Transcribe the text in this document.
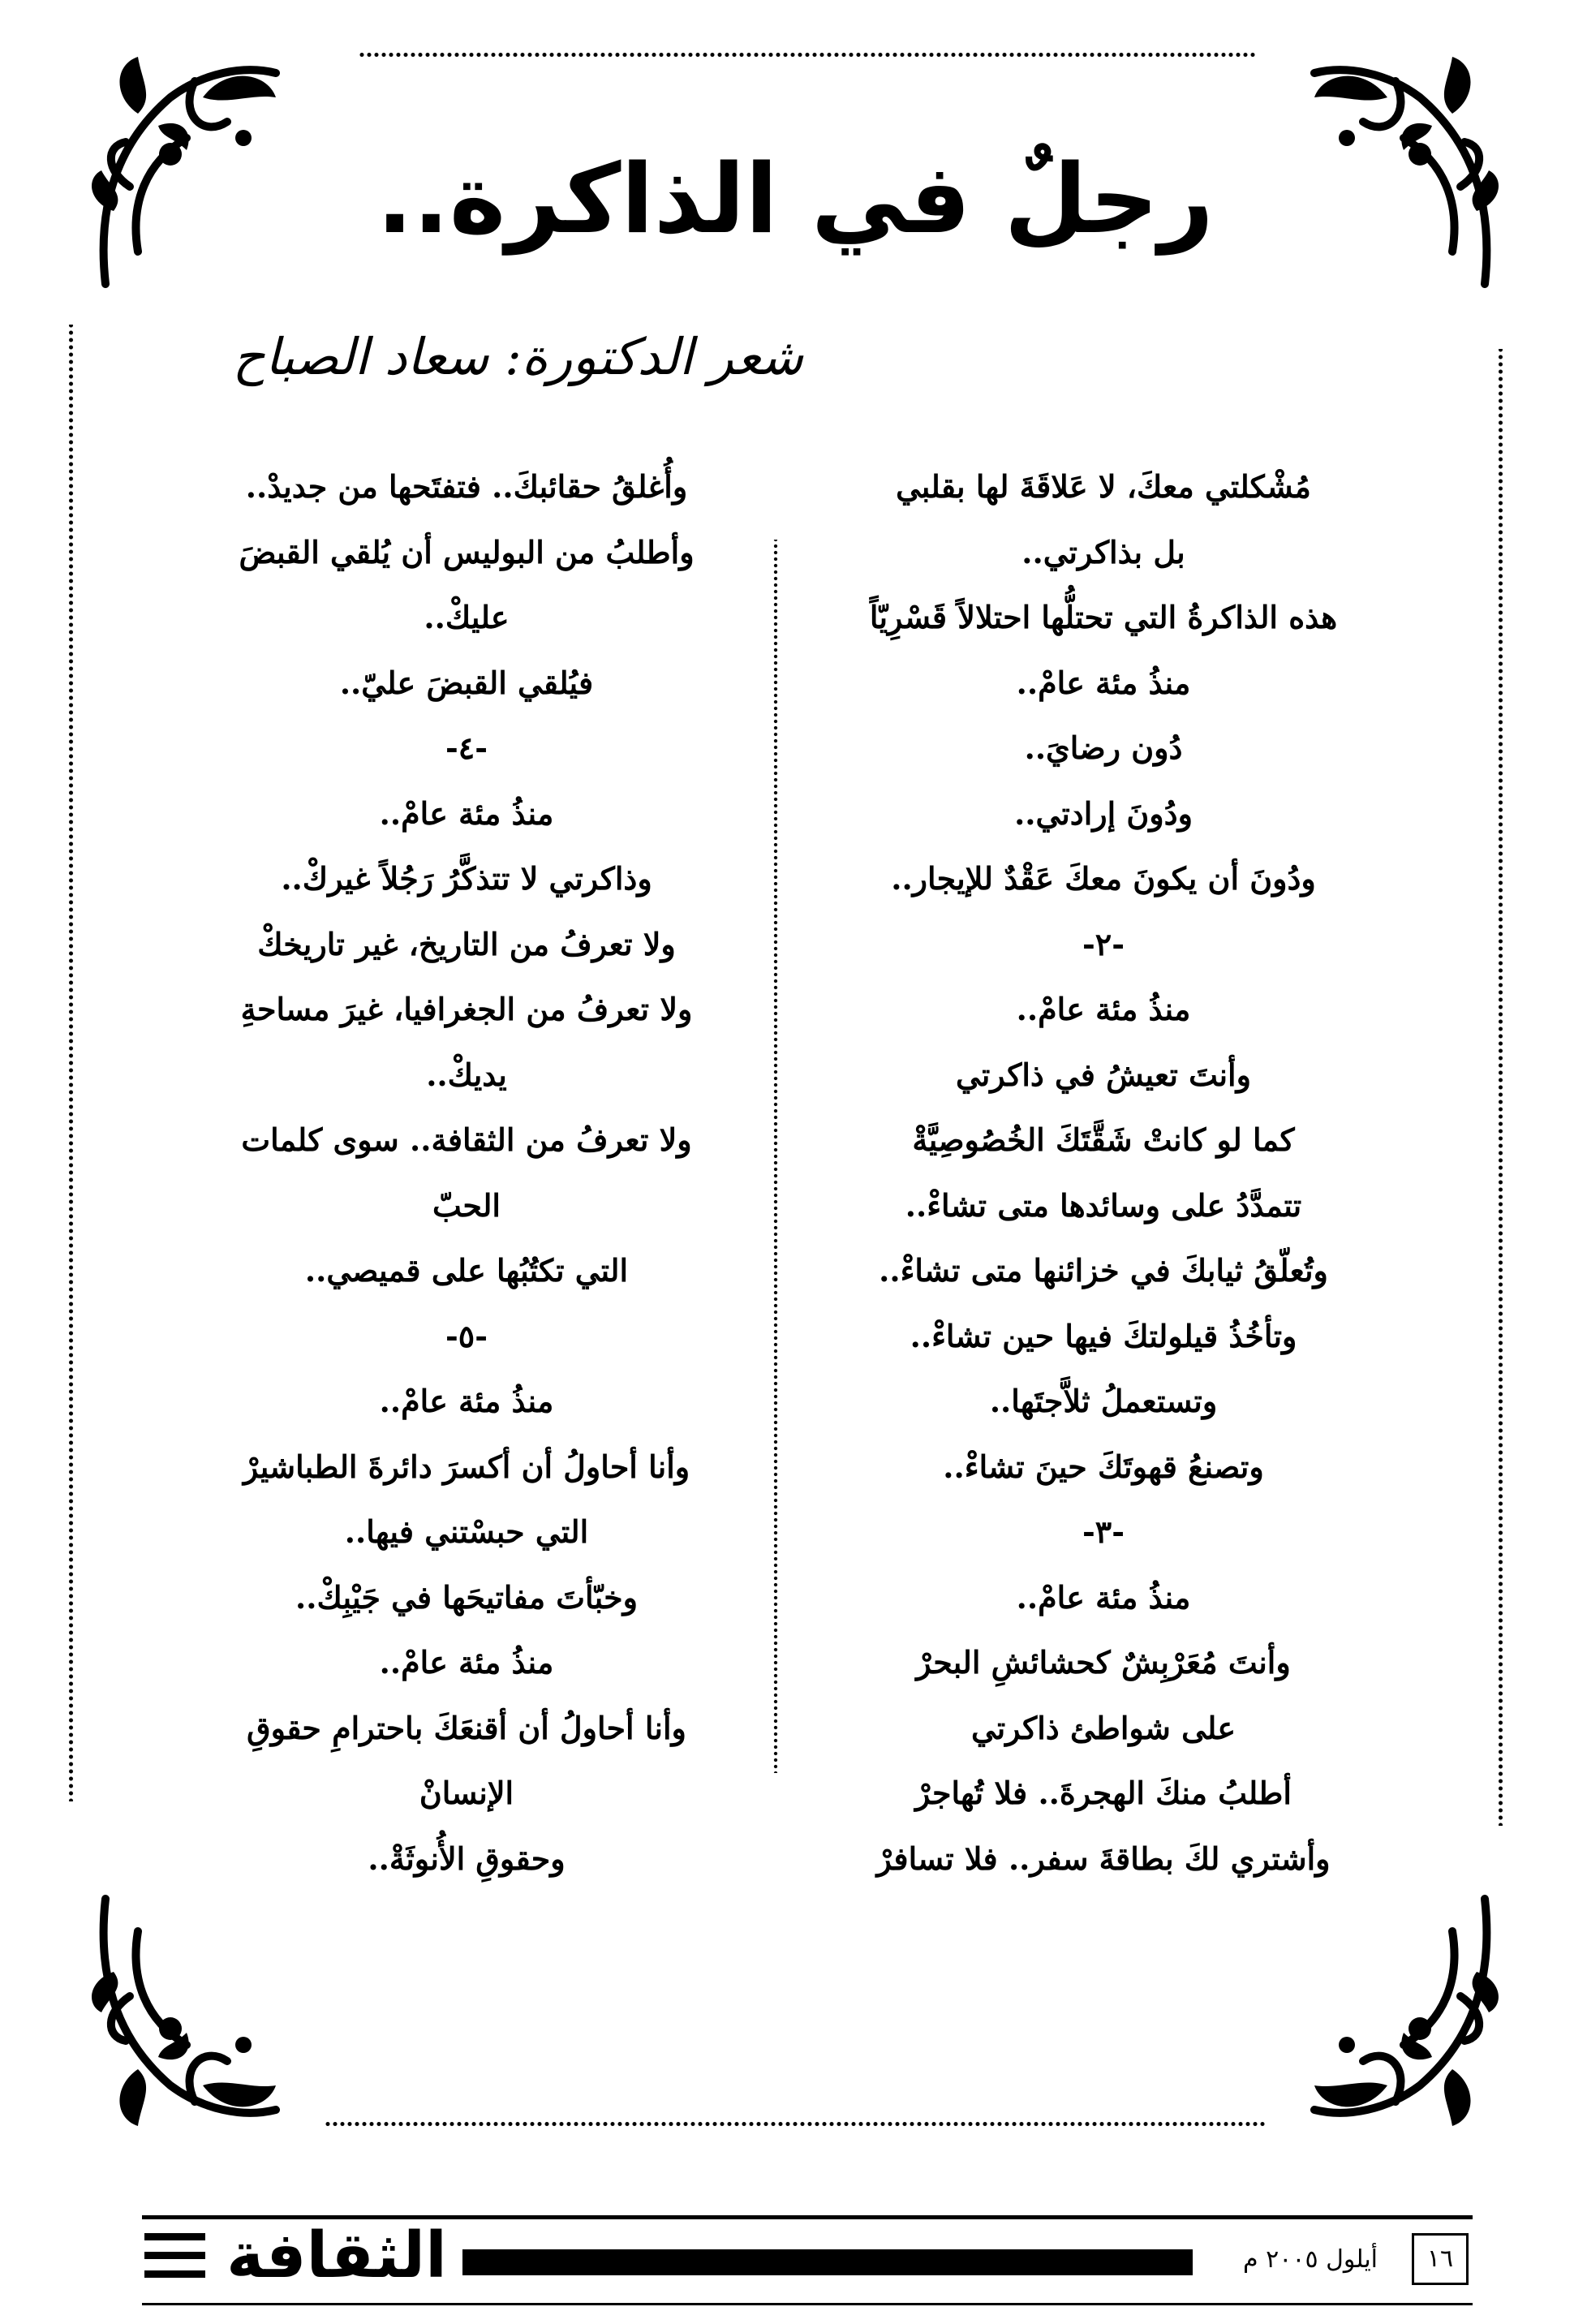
رجلٌ في الذاكرة..
شعر الدكتورة: سعاد الصباح
مُشْكلتي معكَ، لا عَلاقَةَ لها بقلبي
بل بذاكرتي..
هذه الذاكرةُ التي تحتلُّها احتلالاً قَسْرِيّاً
منذُ مئة عامْ..
دُون رضايَ..
ودُونَ إرادتي..
ودُونَ أن يكونَ معكَ عَقْدٌ للإيجار..
-٢-
منذُ مئة عامْ..
وأنتَ تعيشُ في ذاكرتي
كما لو كانتْ شَقَّتَكَ الخُصُوصِيَّةْ
تتمدَّدُ على وسائدها متى تشاءْ..
وتُعلّقُ ثيابكَ في خزائنها متى تشاءْ..
وتأخُذُ قيلولتكَ فيها حين تشاءْ..
وتستعملُ ثلاَّجتَها..
وتصنعُ قهوتَكَ حينَ تشاءْ..
-٣-
منذُ مئة عامْ..
وأنتَ مُعَرْبِشٌ كحشائشِ البحرْ
على شواطئ ذاكرتي
أطلبُ منكَ الهجرةَ.. فلا تُهاجرْ
وأشتري لكَ بطاقةَ سفر.. فلا تسافرْ
وأُغلقُ حقائبكَ.. فتفتَحها من جديدْ..
وأطلبُ من البوليس أن يُلقي القبضَ
عليكْ..
فيُلقي القبضَ عليّ..
-٤-
منذُ مئة عامْ..
وذاكرتي لا تتذكَّرُ رَجُلاً غيركْ..
ولا تعرفُ من التاريخ، غير تاريخكْ
ولا تعرفُ من الجغرافيا، غيرَ مساحةِ
يديكْ..
ولا تعرفُ من الثقافة.. سوى كلمات
الحبّ
التي تكتُبُها على قميصي..
-٥-
منذُ مئة عامْ..
وأنا أحاولُ أن أكسرَ دائرةَ الطباشيرْ
التي حبسْتني فيها..
وخبّأتَ مفاتيحَها في جَيْبِكْ..
منذُ مئة عامْ..
وأنا أحاولُ أن أقنعَكَ باحترامِ حقوقِ
الإنسانْ
وحقوقِ الأُنوثَةْ..
الثقافة	أيلول ٢٠٠٥ م	١٦
